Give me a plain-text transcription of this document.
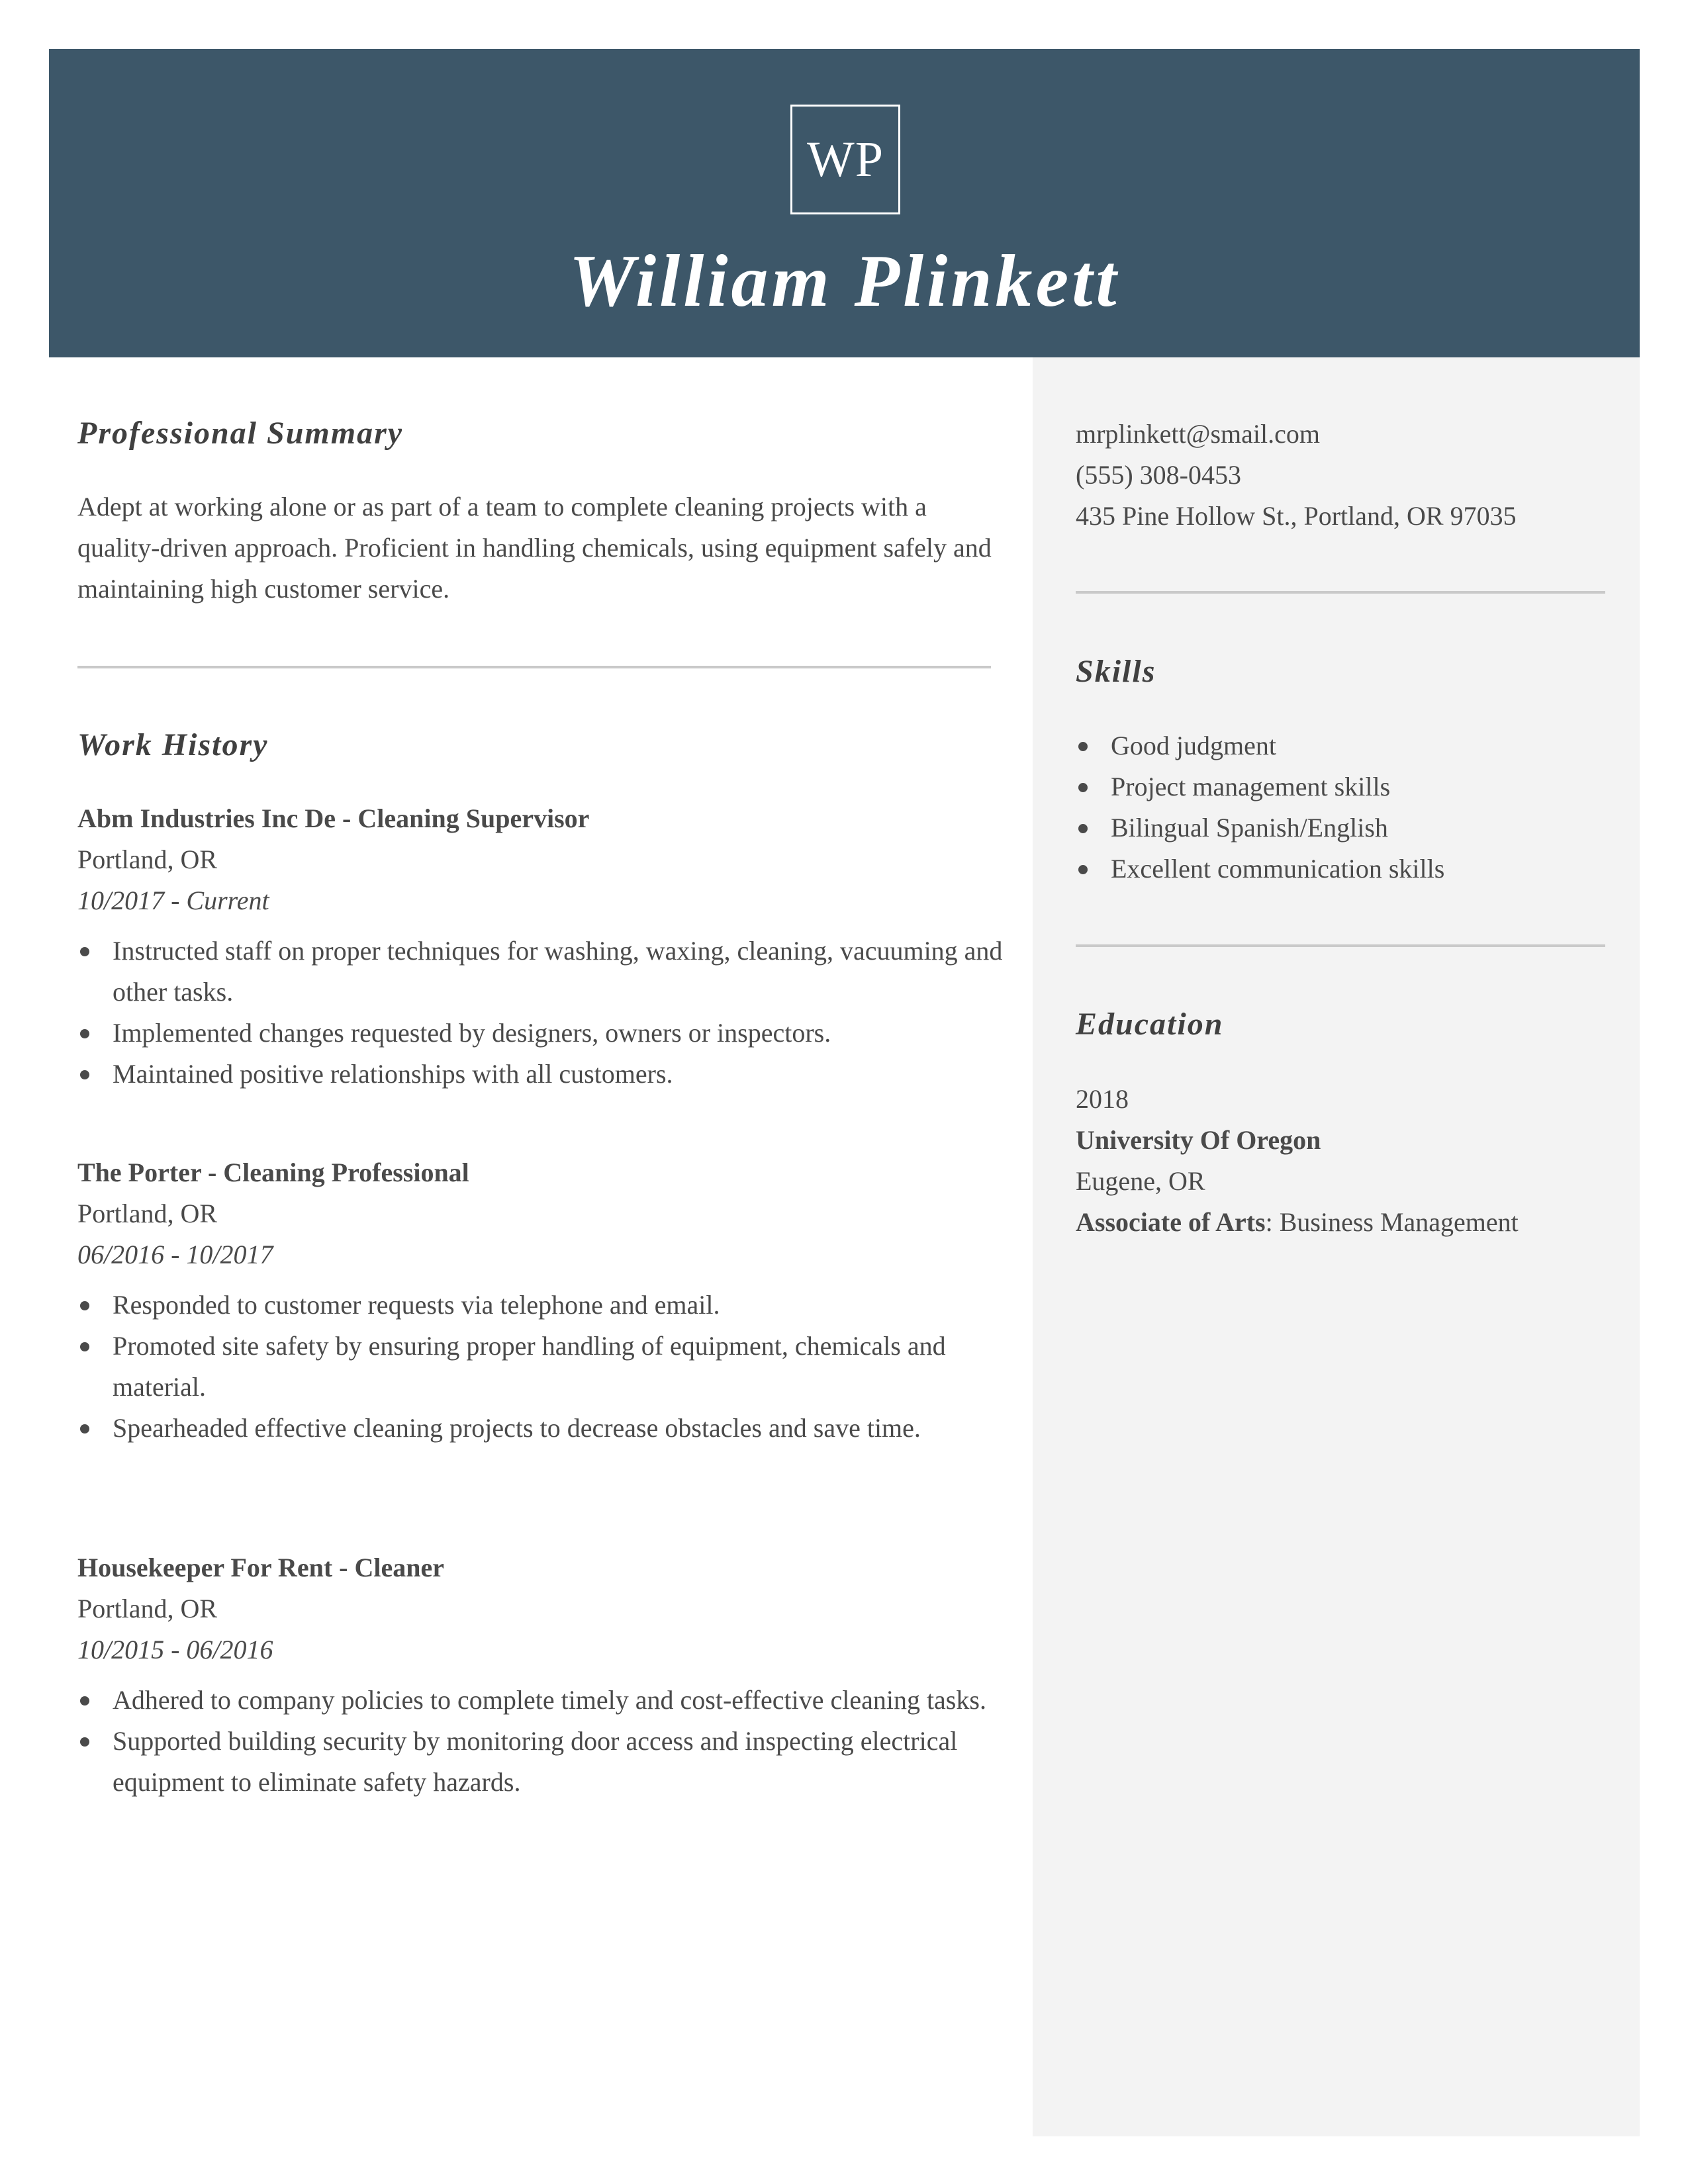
WP
William Plinkett
Professional Summary
Adept at working alone or as part of a team to complete cleaning projects with a quality-driven approach. Proficient in handling chemicals, using equipment safely and maintaining high customer service.
Work History
Abm Industries Inc De - Cleaning Supervisor
Portland, OR
10/2017 - Current
Instructed staff on proper techniques for washing, waxing, cleaning, vacuuming and other tasks.
Implemented changes requested by designers, owners or inspectors.
Maintained positive relationships with all customers.
The Porter - Cleaning Professional
Portland, OR
06/2016 - 10/2017
Responded to customer requests via telephone and email.
Promoted site safety by ensuring proper handling of equipment, chemicals and material.
Spearheaded effective cleaning projects to decrease obstacles and save time.
Housekeeper For Rent - Cleaner
Portland, OR
10/2015 - 06/2016
Adhered to company policies to complete timely and cost-effective cleaning tasks.
Supported building security by monitoring door access and inspecting electrical equipment to eliminate safety hazards.
mrplinkett@smail.com
(555) 308-0453
435 Pine Hollow St., Portland, OR 97035
Skills
Good judgment
Project management skills
Bilingual Spanish/English
Excellent communication skills
Education
2018
University Of Oregon
Eugene, OR
Associate of Arts: Business Management
